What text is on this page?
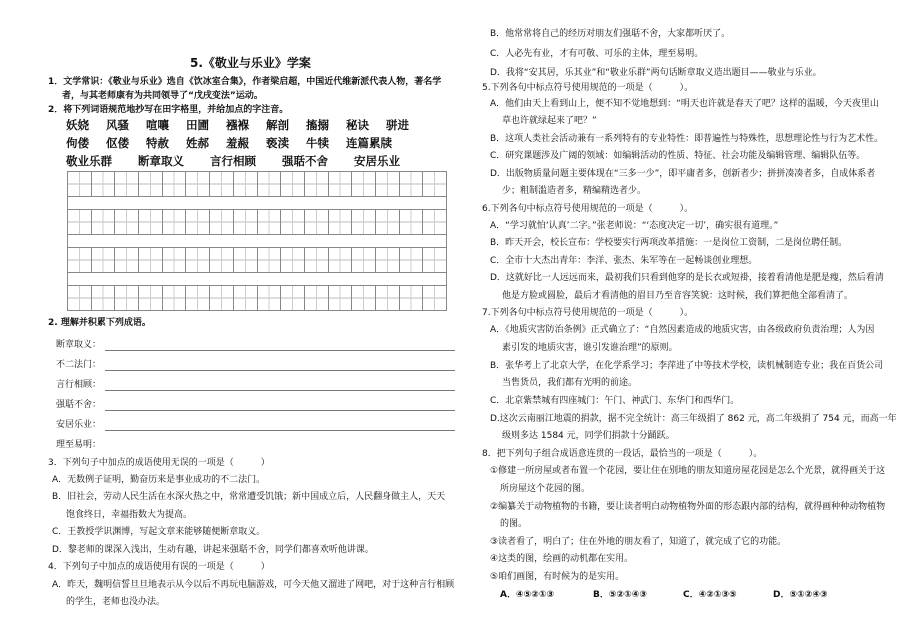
5.《敬业与乐业》学案
1．文学常识：《敬业与乐业》选自《饮冰室合集》，作者梁启超，中国近代维新派代表人物，著名学
者，与其老师康有为共同领导了“戊戌变法”运动。
2．将下列词语规范地抄写在田字格里，并给加点的字注音。
妖娆 风骚 喧嚷 田圃 襁褓 解剖 搐搦 秘诀 骈进
佝偻 伛偻 特赦 姓郝 羞赧 亵渎 牛犊 连篇累牍
敬业乐群 断章取义 言行相顾 强聒不舍 安居乐业
2. 理解并积累下列成语。
断章取义：
不二法门：
言行相顾：
强聒不舍：
安居乐业：
理至易明：
3．下列句子中加点的成语使用无误的一项是（　　　）
A．无数例子证明，勤奋历来是事业成功的不二法门。
B．旧社会，劳动人民生活在水深火热之中，常常遭受饥饿；新中国成立后，人民翻身做主人，天天
饱食终日，幸福指数大为提高。
C．王教授学识渊博，写起文章来能够随便断章取义。
D．黎老师的课深入浅出，生动有趣，讲起来强聒不舍，同学们都喜欢听他讲课。
4．下列句子中加点的成语使用有误的一项是（　　　）
A．昨天，魏明信誓旦旦地表示从今以后不再玩电脑游戏，可今天他又溜进了网吧，对于这种言行相顾
的学生，老师也没办法。
B．他常常将自己的经历对朋友们强聒不舍，大家都听厌了。
C．人必先有业，才有可敬、可乐的主体，理至易明。
D．我将“安其居，乐其业”和“敬业乐群”两句话断章取义造出题目——敬业与乐业。
5.下列各句中标点符号使用规范的一项是（　　　）。
A．他们由天上看到山上，便不知不觉地想到：“明天也许就是春天了吧？这样的温暖，今天夜里山
草也许就绿起来了吧？”
B．这项人类社会活动兼有一系列特有的专业特性：即普遍性与特殊性，思想理论性与行为艺术性。
C．研究课题涉及广阔的领域：如编辑活动的性质、特征、社会功能及编辑管理、编辑队伍等。
D．出版物质量问题主要体现在“三多一少”，即平庸者多，创新者少；拼拼凑凑者多，自成体系者
少；粗制滥造者多，精编精选者少。
6.下列各句中标点符号使用规范的一项是（　　　）。
A．“学习就怕‘认真’二字。”张老师说：“‘态度决定一切’，确实很有道理。”
B．昨天开会，校长宣布：学校要实行两项改革措施：一是岗位工资制，二是岗位聘任制。
C．全市十大杰出青年：李洋、张杰、朱军等在一起畅谈创业理想。
D．这就好比一人远远而来，最初我们只看到他穿的是长衣或短褂，接着看清他是肥是瘦，然后看清
他是方脸或圆脸，最后才看清他的眉目乃至音容笑貌：这时候，我们算把他全部看清了。
7.下列各句中标点符号使用规范的一项是（　　　）。
A．《地质灾害防治条例》正式确立了：“自然因素造成的地质灾害，由各级政府负责治理；人为因
素引发的地质灾害，谁引发谁治理”的原则。
B．张华考上了北京大学，在化学系学习；李萍进了中等技术学校，读机械制造专业；我在百货公司
当售货员，我们都有光明的前途。
C．北京紫禁城有四座城门：午门、神武门、东华门和西华门。
D.这次云南丽江地震的捐款，据不完全统计：高三年级捐了 862 元，高二年级捐了 754 元，而高一年
级则多达 1584 元，同学们捐款十分踊跃。
8．把下列句子组合成语意连贯的一段话，最恰当的一项是（　　　）。
①修建一所房屋或者布置一个花园，要让住在别地的朋友知道房屋花园是怎么个光景，就得画关于这
所房屋这个花园的图。
②编纂关于动物植物的书籍，要让读者明白动物植物外面的形态跟内部的结构，就得画种种动物植物
的图。
③读者看了，明白了；住在外地的朋友看了，知道了，就完成了它的功能。
④这类的图，绘画的动机都在实用。
⑤咱们画图，有时候为的是实用。
A．④⑤②①③	B．⑤②①④③	C．④②①③⑤	D．⑤①②④③
